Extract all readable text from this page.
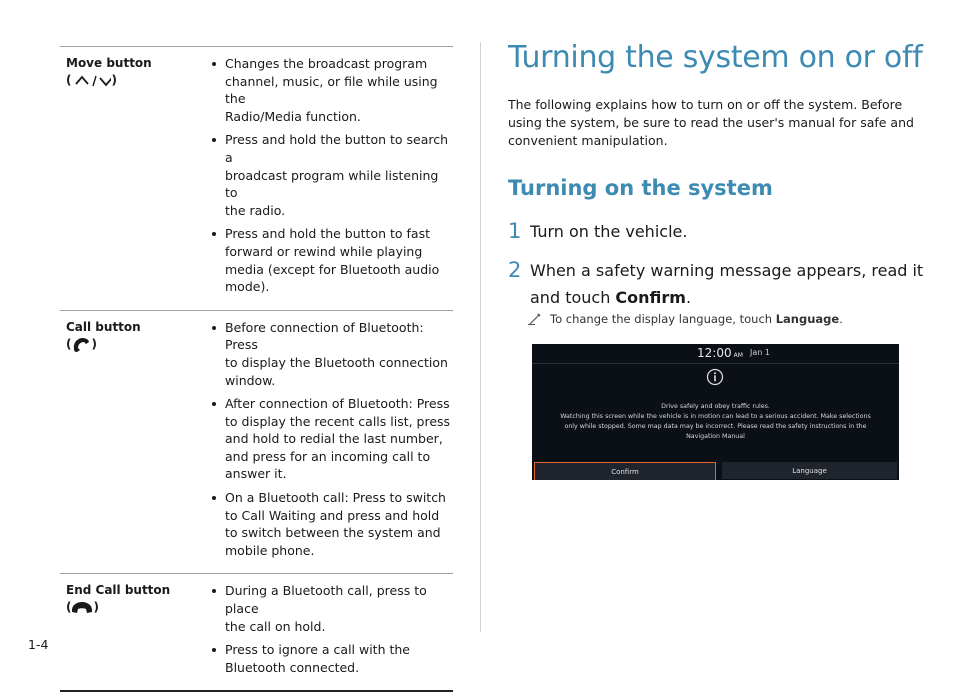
Move button
(	)
Changes the broadcast program
channel, music, or file while using the
Radio/Media function.
Press and hold the button to search a
broadcast program while listening to
the radio.
Press and hold the button to fast
forward or rewind while playing
media (except for Bluetooth audio
mode).
Call button
( )
Before connection of Bluetooth: Press
to display the Bluetooth connection
window.
After connection of Bluetooth: Press
to display the recent calls list, press
and hold to redial the last number,
and press for an incoming call to
answer it.
On a Bluetooth call: Press to switch
to Call Waiting and press and hold
to switch between the system and
mobile phone.
End Call button
( )
During a Bluetooth call, press to place
the call on hold.
Press to ignore a call with the
Bluetooth connected.
Turning the system on or off

The following explains how to turn on or off the system. Before
using the system, be sure to read the user's manual for safe and
convenient manipulation.

Turning on the system
1 Turn on the vehicle.
2 When a safety warning message appears, read it
and touch Confirm.
To change the display language, touch
Language .
12:00 AM Jan 1
Drive safely and obey traffic rules.
Watching this screen while the vehicle is in motion can lead to a serious accident. Make selections
only while stopped. Some map data may be incorrect. Please read the safety instructions in the
Navigation Manual
Confirm	Language
1-4
